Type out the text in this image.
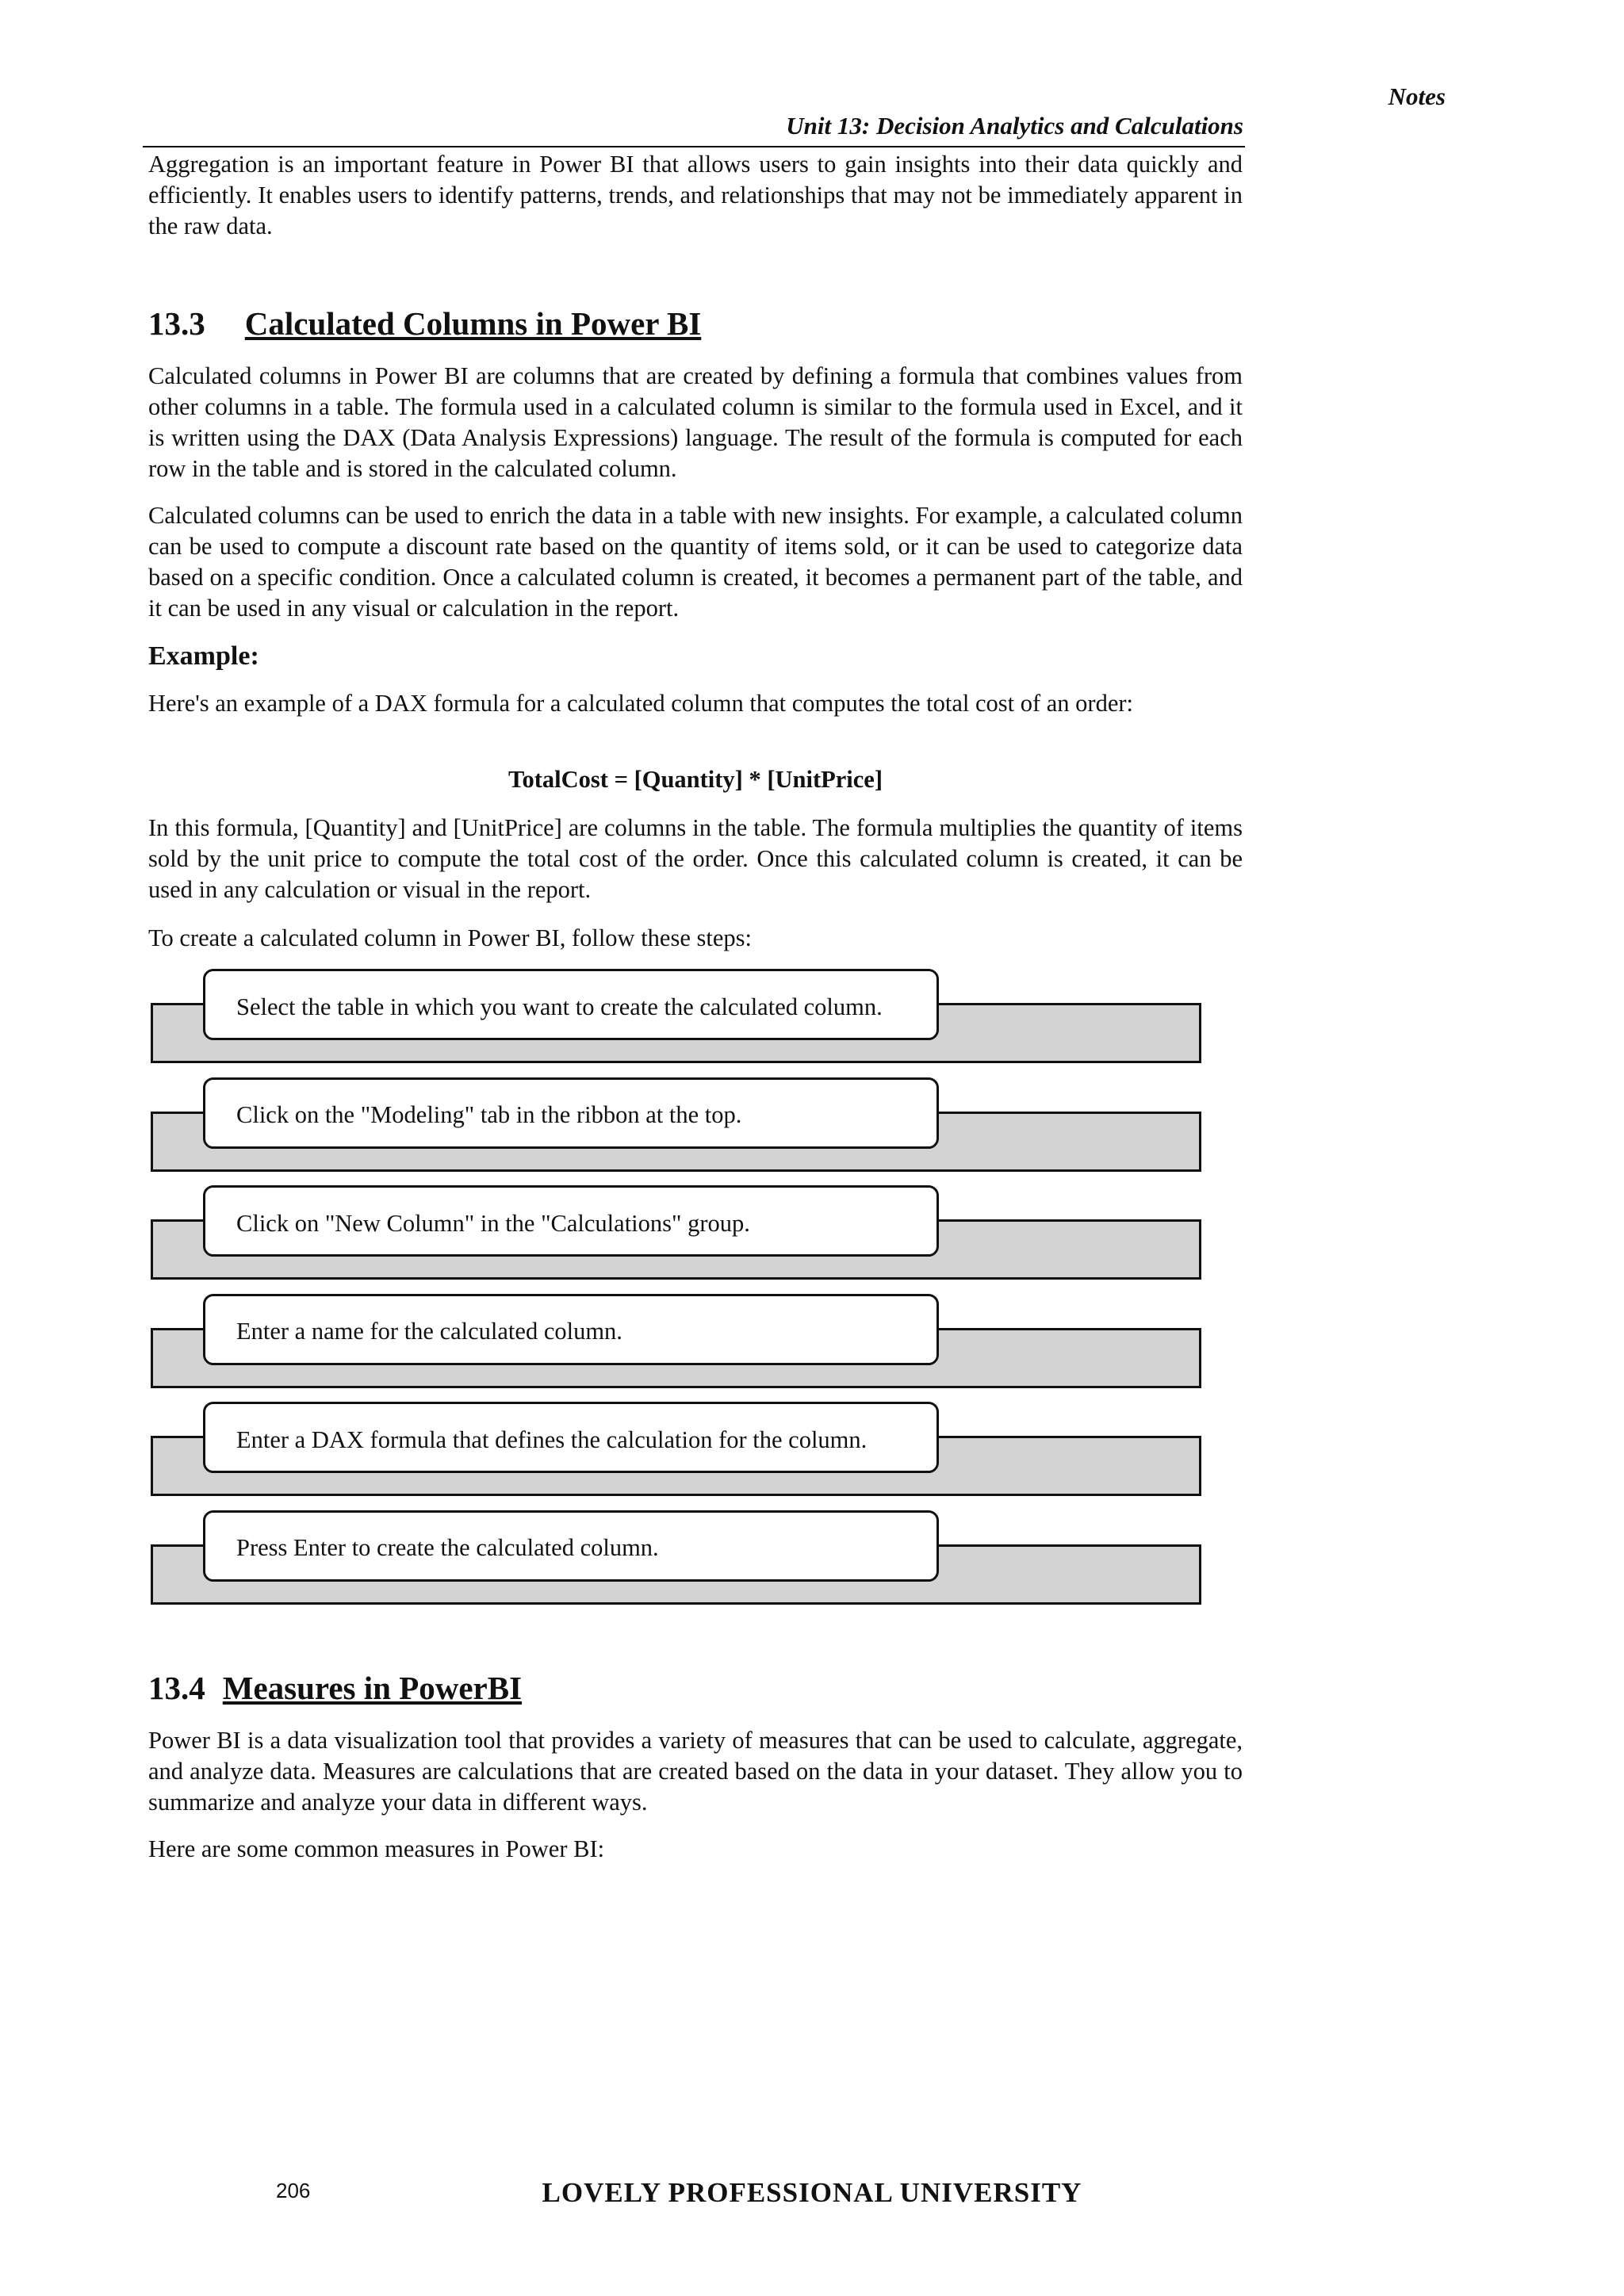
Notes
Unit 13: Decision Analytics and Calculations

Aggregation is an important feature in Power BI that allows users to gain insights into their data quickly and efficiently. It enables users to identify patterns, trends, and relationships that may not be immediately apparent in the raw data.

13.3 Calculated Columns in Power BI

Calculated columns in Power BI are columns that are created by defining a formula that combines values from other columns in a table. The formula used in a calculated column is similar to the formula used in Excel, and it is written using the DAX (Data Analysis Expressions) language. The result of the formula is computed for each row in the table and is stored in the calculated column.

Calculated columns can be used to enrich the data in a table with new insights. For example, a calculated column can be used to compute a discount rate based on the quantity of items sold, or it can be used to categorize data based on a specific condition. Once a calculated column is created, it becomes a permanent part of the table, and it can be used in any visual or calculation in the report.

Example:

Here's an example of a DAX formula for a calculated column that computes the total cost of an order:

TotalCost = [Quantity] * [UnitPrice]

In this formula, [Quantity] and [UnitPrice] are columns in the table. The formula multiplies the quantity of items sold by the unit price to compute the total cost of the order. Once this calculated column is created, it can be used in any calculation or visual in the report.

To create a calculated column in Power BI, follow these steps:

Select the table in which you want to create the calculated column.
Click on the "Modeling" tab in the ribbon at the top.
Click on "New Column" in the "Calculations" group.
Enter a name for the calculated column.
Enter a DAX formula that defines the calculation for the column.
Press Enter to create the calculated column.
13.4 Measures in PowerBI

Power BI is a data visualization tool that provides a variety of measures that can be used to calculate, aggregate, and analyze data. Measures are calculations that are created based on the data in your dataset. They allow you to summarize and analyze your data in different ways.

Here are some common measures in Power BI:

206	LOVELY PROFESSIONAL UNIVERSITY
